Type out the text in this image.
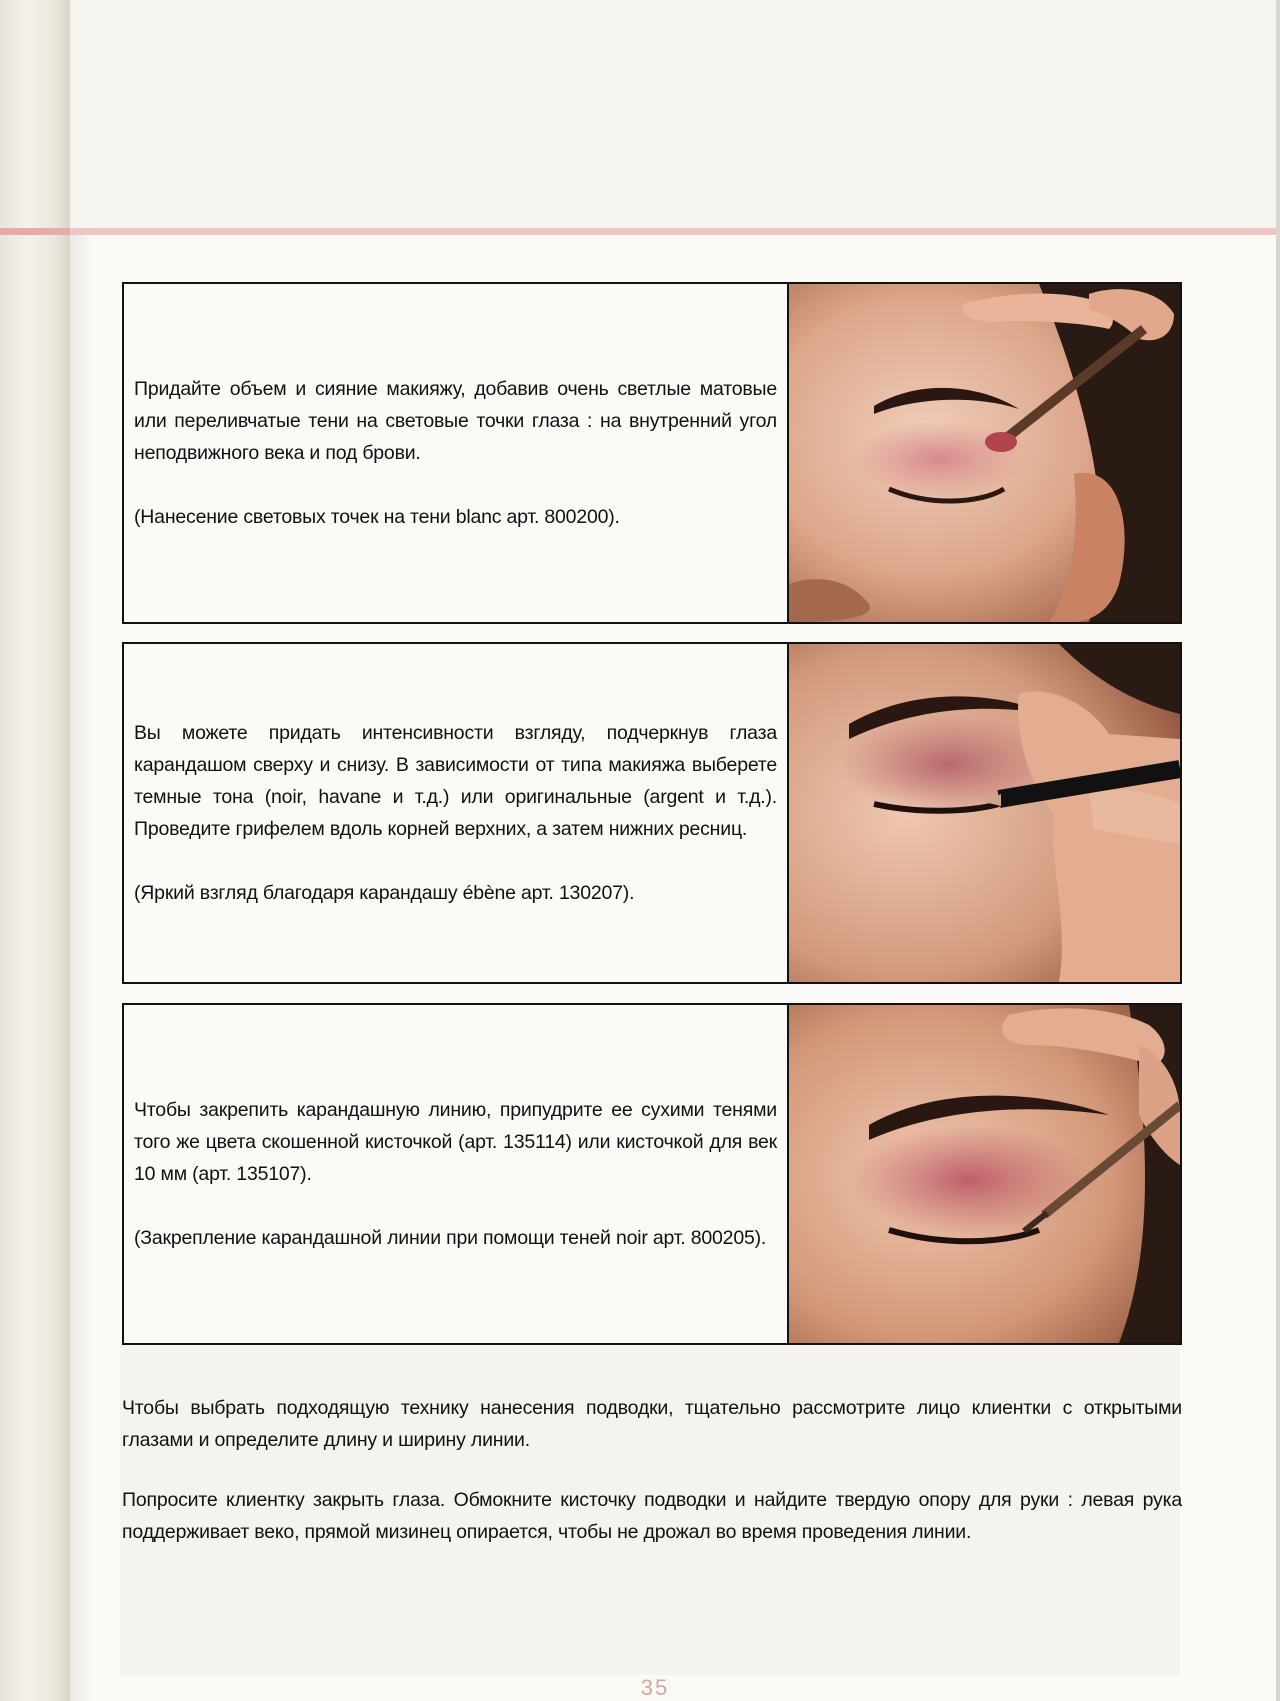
Придайте объем и сияние макияжу, добавив очень светлые матовые или переливчатые тени на световые точки глаза : на внутренний угол неподвижного века и под брови.

(Нанесение световых точек на тени blanc арт. 800200).

Вы можете придать интенсивности взгляду, подчеркнув глаза карандашом сверху и снизу. В зависимости от типа макияжа выберете темные тона (noir, havane и т.д.) или оригинальные (argent и т.д.). Проведите грифелем вдоль корней верхних, а затем нижних ресниц.

(Яркий взгляд благодаря карандашу ébène арт. 130207).

Чтобы закрепить карандашную линию, припудрите ее сухими тенями того же цвета скошенной кисточкой (арт. 135114) или кисточкой для век 10 мм (арт. 135107).

(Закрепление карандашной линии при помощи теней noir арт. 800205).

Чтобы выбрать подходящую технику нанесения подводки, тщательно рассмотрите лицо клиентки с открытыми глазами и определите длину и ширину линии.

Попросите клиентку закрыть глаза. Обмокните кисточку подводки и найдите твердую опору для руки : левая рука поддерживает веко, прямой мизинец опирается, чтобы не дрожал во время проведения линии.

35
